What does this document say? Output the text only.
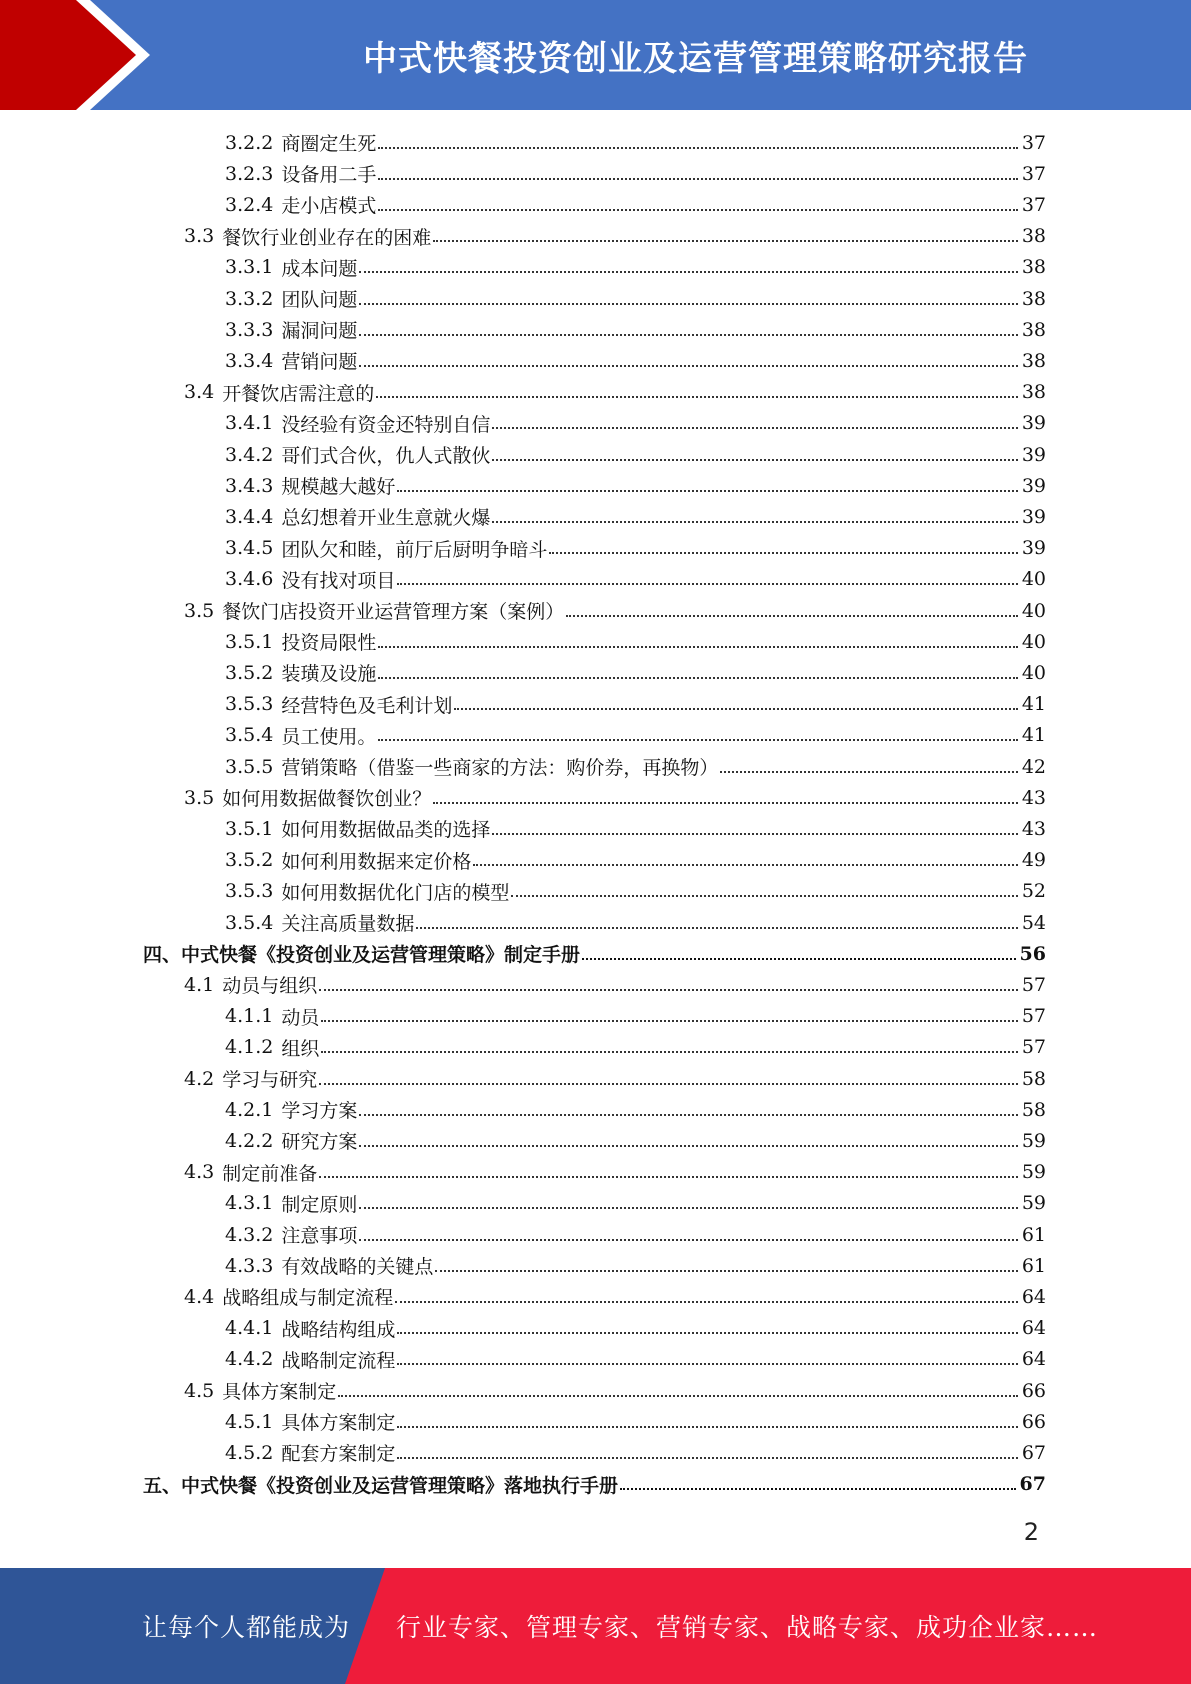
中式快餐投资创业及运营管理策略研究报告
3.2.2 商圈定生死	37
3.2.3 设备用二手	37
3.2.4 走小店模式	37
3.3 餐饮行业创业存在的困难	38
3.3.1 成本问题	38
3.3.2 团队问题	38
3.3.3 漏洞问题	38
3.3.4 营销问题	38
3.4 开餐饮店需注意的	38
3.4.1 没经验有资金还特别自信	39
3.4.2 哥们式合伙，仇人式散伙	39
3.4.3 规模越大越好	39
3.4.4 总幻想着开业生意就火爆	39
3.4.5 团队欠和睦，前厅后厨明争暗斗	39
3.4.6 没有找对项目	40
3.5 餐饮门店投资开业运营管理方案（案例）	40
3.5.1 投资局限性	40
3.5.2 装璜及设施	40
3.5.3 经营特色及毛利计划	41
3.5.4 员工使用。	41
3.5.5 营销策略（借鉴一些商家的方法：购价券，再换物）	42
3.5 如何用数据做餐饮创业？	43
3.5.1 如何用数据做品类的选择	43
3.5.2 如何利用数据来定价格	49
3.5.3 如何用数据优化门店的模型	52
3.5.4 关注高质量数据	54
四、中式快餐《投资创业及运营管理策略》制定手册	56
4.1 动员与组织	57
4.1.1 动员	57
4.1.2 组织	57
4.2 学习与研究	58
4.2.1 学习方案	58
4.2.2 研究方案	59
4.3 制定前准备	59
4.3.1 制定原则	59
4.3.2 注意事项	61
4.3.3 有效战略的关键点	61
4.4 战略组成与制定流程	64
4.4.1 战略结构组成	64
4.4.2 战略制定流程	64
4.5 具体方案制定	66
4.5.1 具体方案制定	66
4.5.2 配套方案制定	67
五、中式快餐《投资创业及运营管理策略》落地执行手册	67
2
让每个人都能成为 行业专家、管理专家、营销专家、战略专家、成功企业家……
